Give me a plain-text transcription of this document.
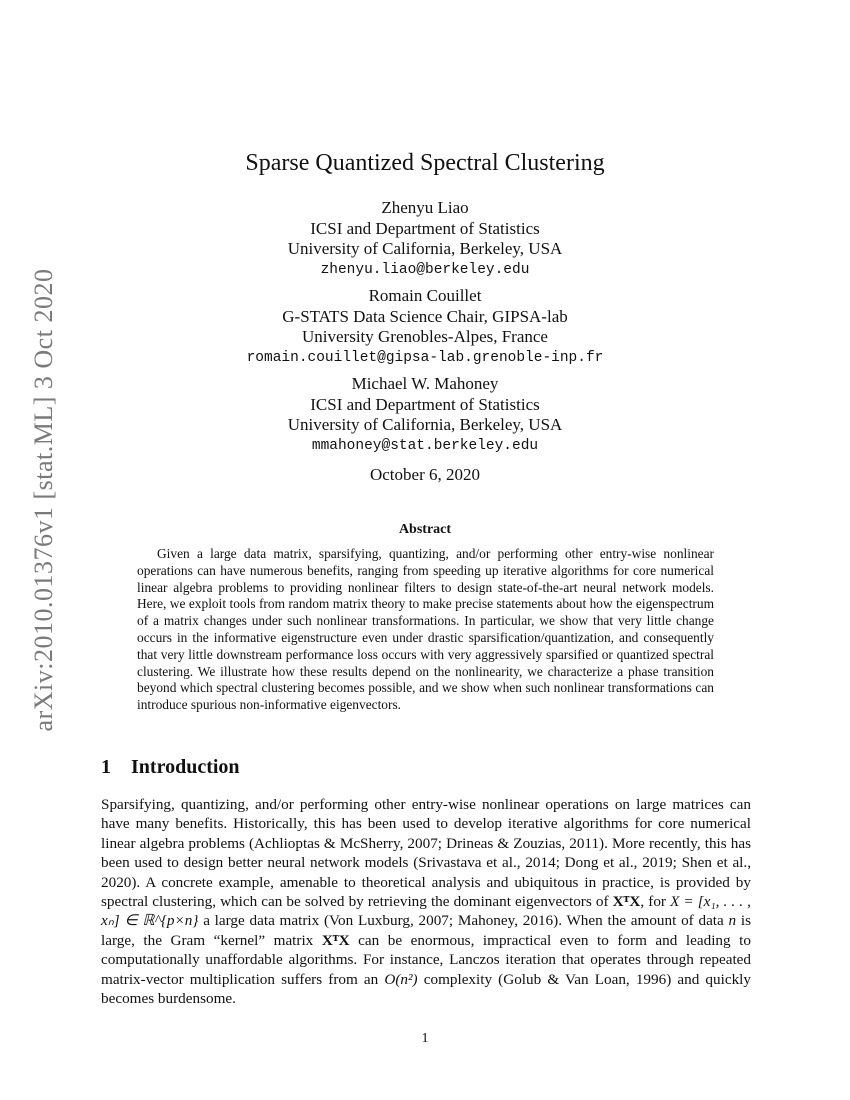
arXiv:2010.01376v1 [stat.ML] 3 Oct 2020
Sparse Quantized Spectral Clustering
Zhenyu Liao
ICSI and Department of Statistics
University of California, Berkeley, USA
zhenyu.liao@berkeley.edu
Romain Couillet
G-STATS Data Science Chair, GIPSA-lab
University Grenobles-Alpes, France
romain.couillet@gipsa-lab.grenoble-inp.fr
Michael W. Mahoney
ICSI and Department of Statistics
University of California, Berkeley, USA
mmahoney@stat.berkeley.edu
October 6, 2020
Abstract

Given a large data matrix, sparsifying, quantizing, and/or performing other entry-wise nonlinear operations can have numerous benefits, ranging from speeding up iterative algorithms for core numerical linear algebra problems to providing nonlinear filters to design state-of-the-art neural network models. Here, we exploit tools from random matrix theory to make precise statements about how the eigenspectrum of a matrix changes under such nonlinear transformations. In particular, we show that very little change occurs in the informative eigenstructure even under drastic sparsification/quantization, and consequently that very little downstream performance loss occurs with very aggressively sparsified or quantized spectral clustering. We illustrate how these results depend on the nonlinearity, we characterize a phase transition beyond which spectral clustering becomes possible, and we show when such nonlinear transformations can introduce spurious non-informative eigenvectors.

1 Introduction

Sparsifying, quantizing, and/or performing other entry-wise nonlinear operations on large matrices can have many benefits. Historically, this has been used to develop iterative algorithms for core numerical linear algebra problems (Achlioptas & McSherry, 2007; Drineas & Zouzias, 2011). More recently, this has been used to design better neural network models (Srivastava et al., 2014; Dong et al., 2019; Shen et al., 2020). A concrete example, amenable to theoretical analysis and ubiquitous in practice, is provided by spectral clustering, which can be solved by retrieving the dominant eigenvectors of XᵀX, for X = [x₁, . . . , xₙ] ∈ ℝ^{p×n} a large data matrix (Von Luxburg, 2007; Mahoney, 2016). When the amount of data n is large, the Gram “kernel” matrix XᵀX can be enormous, impractical even to form and leading to computationally unaffordable algorithms. For instance, Lanczos iteration that operates through repeated matrix-vector multiplication suffers from an O(n²) complexity (Golub & Van Loan, 1996) and quickly becomes burdensome.

1
